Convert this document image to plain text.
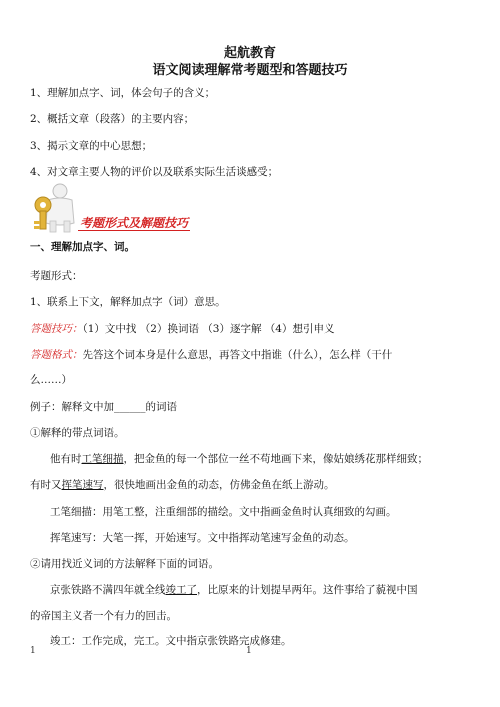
起航教育
语文阅读理解常考题型和答题技巧
1、理解加点字、词，体会句子的含义；
2、概括文章（段落）的主要内容；
3、揭示文章的中心思想；
4、对文章主要人物的评价以及联系实际生活谈感受；
考题形式及解题技巧
一、理解加点字、词。
考题形式：
1、联系上下文，解释加点字（词）意思。
答题技巧：（1）文中找 （2）换词语 （3）逐字解 （4）想引申义
答题格式：先答这个词本身是什么意思，再答文中指谁（什么），怎么样（干什
么……）
例子：解释文中加______的词语
①解释的带点词语。
他有时工笔细描，把金鱼的每一个部位一丝不苟地画下来，像姑娘绣花那样细致；
有时又挥笔速写，很快地画出金鱼的动态，仿佛金鱼在纸上游动。
工笔细描：用笔工整，注重细部的描绘。文中指画金鱼时认真细致的勾画。
挥笔速写：大笔一挥，开始速写。文中指挥动笔速写金鱼的动态。
②请用找近义词的方法解释下面的词语。
京张铁路不满四年就全线竣工了，比原来的计划提早两年。这件事给了藐视中国
的帝国主义者一个有力的回击。
竣工：工作完成，完工。文中指京张铁路完成修建。
1	1
